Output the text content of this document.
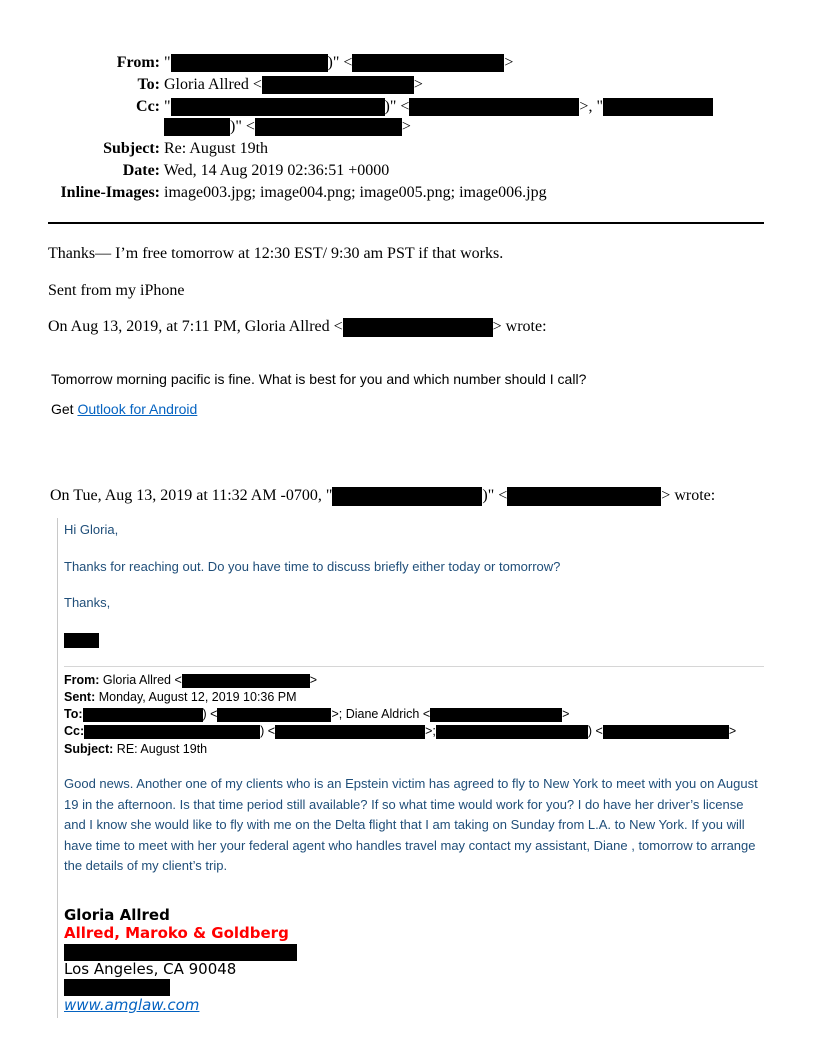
From: "	)" <	>
To: Gloria Allred <	>
Cc: "	)" <	>, "
)" <	>
Subject: Re: August 19th
Date: Wed, 14 Aug 2019 02:36:51 +0000
Inline-Images: image003.jpg; image004.png; image005.png; image006.jpg
Thanks— I’m free tomorrow at 12:30 EST/ 9:30 am PST if that works.
Sent from my iPhone
On Aug 13, 2019, at 7:11 PM, Gloria Allred <	> wrote:
Tomorrow morning pacific is fine. What is best for you and which number should I call?
Get Outlook for Android
On Tue, Aug 13, 2019 at 11:32 AM -0700, "	)" <	> wrote:
Hi Gloria,
Thanks for reaching out. Do you have time to discuss briefly either today or tomorrow?
Thanks,
From: Gloria Allred <	>
Sent: Monday, August 12, 2019 10:36 PM
To:	) <	>; Diane Aldrich <	>
Cc:	) <	>;	) <	>
Subject: RE: August 19th
Good news. Another one of my clients who is an Epstein victim has agreed to fly to New York to meet with you on August 19 in the afternoon. Is that time period still available? If so what time would work for you? I do have her driver’s license and I know she would like to fly with me on the Delta flight that I am taking on Sunday from L.A. to New York. If you will have time to meet with her your federal agent who handles travel may contact my assistant, Diane , tomorrow to arrange the details of my client’s trip.
Gloria Allred
Allred, Maroko & Goldberg
Los Angeles, CA 90048
www.amglaw.com
